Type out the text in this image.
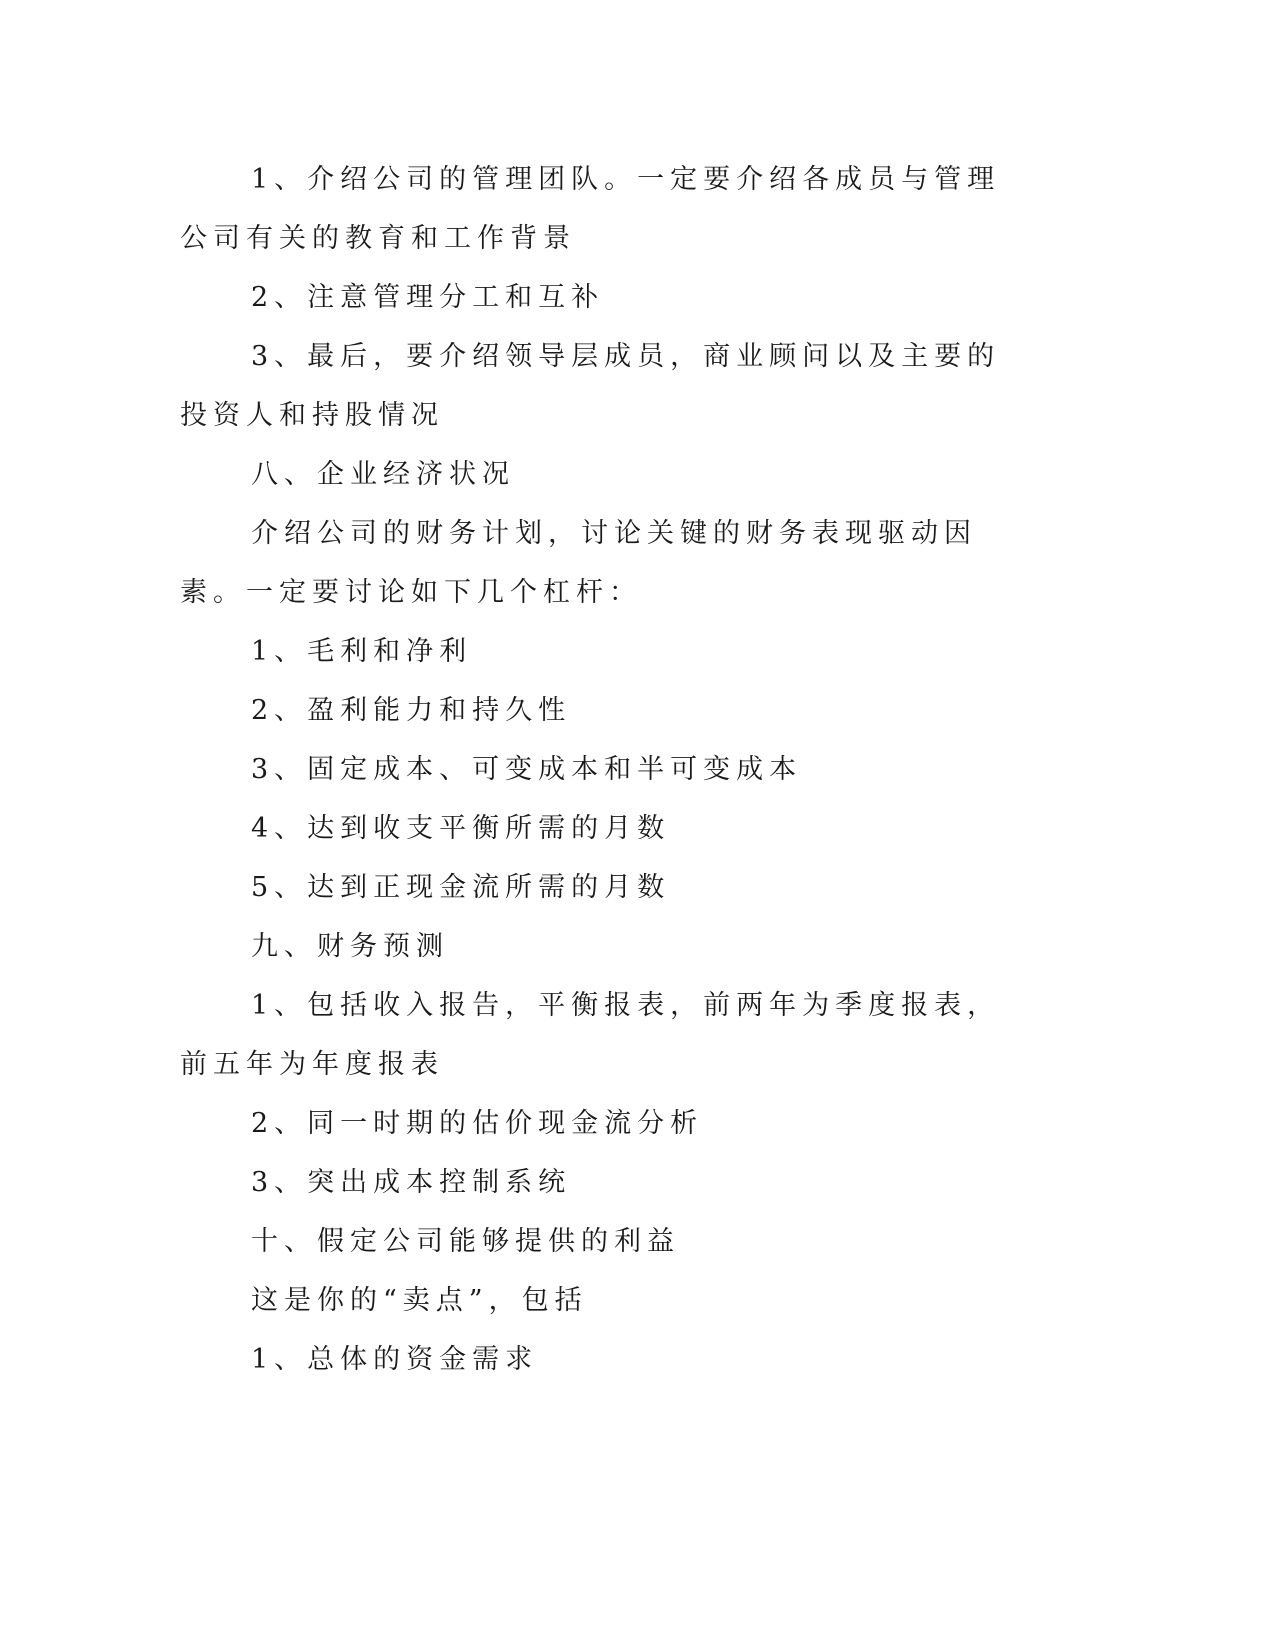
1、介绍公司的管理团队。一定要介绍各成员与管理公司有关的教育和工作背景

2、注意管理分工和互补

3、最后，要介绍领导层成员，商业顾问以及主要的投资人和持股情况

八、企业经济状况

介绍公司的财务计划，讨论关键的财务表现驱动因素。一定要讨论如下几个杠杆：

1、毛利和净利

2、盈利能力和持久性

3、固定成本、可变成本和半可变成本

4、达到收支平衡所需的月数

5、达到正现金流所需的月数

九、财务预测

1、包括收入报告，平衡报表，前两年为季度报表，前五年为年度报表

2、同一时期的估价现金流分析

3、突出成本控制系统

十、假定公司能够提供的利益

这是你的“卖点”，包括

1、总体的资金需求
